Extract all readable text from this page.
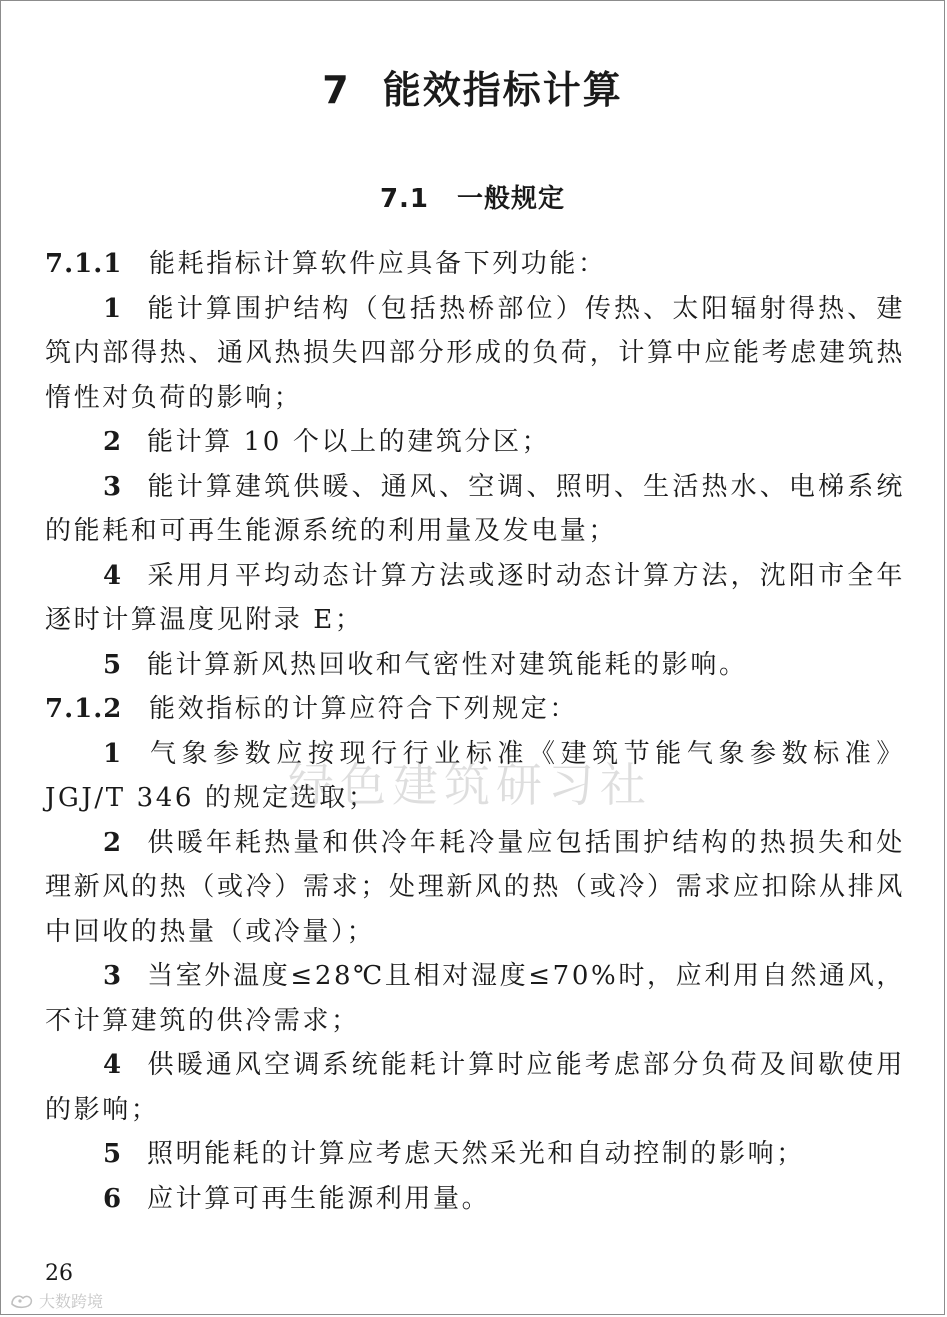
7 能效指标计算
7.1 一般规定

7.1.1 能耗指标计算软件应具备下列功能：

1 能计算围护结构（包括热桥部位）传热、太阳辐射得热、建筑内部得热、通风热损失四部分形成的负荷，计算中应能考虑建筑热惰性对负荷的影响；

2 能计算 10 个以上的建筑分区；

3 能计算建筑供暖、通风、空调、照明、生活热水、电梯系统的能耗和可再生能源系统的利用量及发电量；

4 采用月平均动态计算方法或逐时动态计算方法，沈阳市全年逐时计算温度见附录 E；

5 能计算新风热回收和气密性对建筑能耗的影响。

7.1.2 能效指标的计算应符合下列规定：

1 气象参数应按现行行业标准《建筑节能气象参数标准》JGJ/T 346 的规定选取；

2 供暖年耗热量和供冷年耗冷量应包括围护结构的热损失和处理新风的热（或冷）需求；处理新风的热（或冷）需求应扣除从排风中回收的热量（或冷量）；

3 当室外温度≤28℃且相对湿度≤70%时，应利用自然通风，不计算建筑的供冷需求；

4 供暖通风空调系统能耗计算时应能考虑部分负荷及间歇使用的影响；

5 照明能耗的计算应考虑天然采光和自动控制的影响；

6 应计算可再生能源利用量。

绿色建筑研习社
26
大数跨境
